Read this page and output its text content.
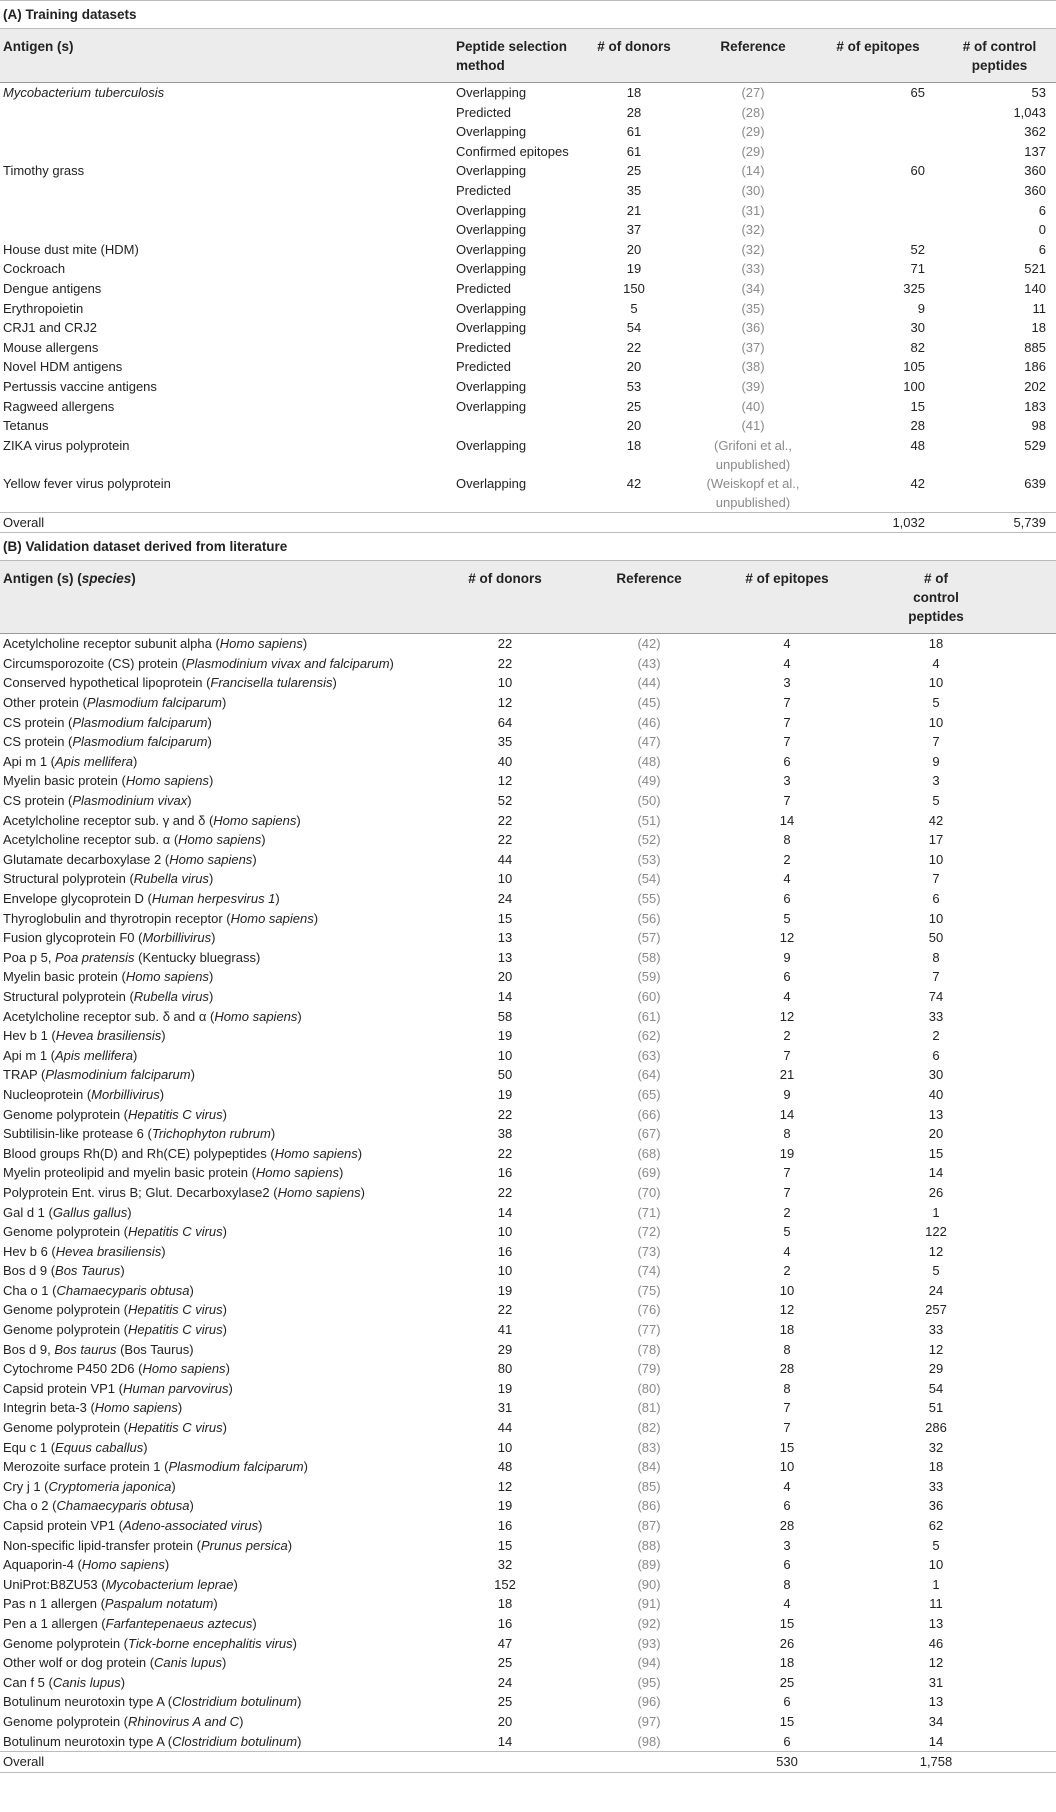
(A) Training datasets
Antigen (s)	Peptide selection method	# of donors	Reference	# of epitopes	# of control peptides
Mycobacterium tuberculosis	Overlapping	18	(27)	65	53
	Predicted	28	(28)		1,043
	Overlapping	61	(29)		362
	Confirmed epitopes	61	(29)		137
Timothy grass	Overlapping	25	(14)	60	360
	Predicted	35	(30)		360
	Overlapping	21	(31)		6
	Overlapping	37	(32)		0
House dust mite (HDM)	Overlapping	20	(32)	52	6
Cockroach	Overlapping	19	(33)	71	521
Dengue antigens	Predicted	150	(34)	325	140
Erythropoietin	Overlapping	5	(35)	9	11
CRJ1 and CRJ2	Overlapping	54	(36)	30	18
Mouse allergens	Predicted	22	(37)	82	885
Novel HDM antigens	Predicted	20	(38)	105	186
Pertussis vaccine antigens	Overlapping	53	(39)	100	202
Ragweed allergens	Overlapping	25	(40)	15	183
Tetanus		20	(41)	28	98
ZIKA virus polyprotein	Overlapping	18	(Grifoni et al., unpublished)	48	529
Yellow fever virus polyprotein	Overlapping	42	(Weiskopf et al., unpublished)	42	639
Overall				1,032	5,739
(B) Validation dataset derived from literature
Antigen (s) (species)	# of donors	Reference	# of epitopes	# of control peptides
Acetylcholine receptor subunit alpha (Homo sapiens)	22	(42)	4	18
Circumsporozoite (CS) protein (Plasmodinium vivax and falciparum)	22	(43)	4	4
Conserved hypothetical lipoprotein (Francisella tularensis)	10	(44)	3	10
Other protein (Plasmodium falciparum)	12	(45)	7	5
CS protein (Plasmodium falciparum)	64	(46)	7	10
CS protein (Plasmodium falciparum)	35	(47)	7	7
Api m 1 (Apis mellifera)	40	(48)	6	9
Myelin basic protein (Homo sapiens)	12	(49)	3	3
CS protein (Plasmodinium vivax)	52	(50)	7	5
Acetylcholine receptor sub. γ and δ (Homo sapiens)	22	(51)	14	42
Acetylcholine receptor sub. α (Homo sapiens)	22	(52)	8	17
Glutamate decarboxylase 2 (Homo sapiens)	44	(53)	2	10
Structural polyprotein (Rubella virus)	10	(54)	4	7
Envelope glycoprotein D (Human herpesvirus 1)	24	(55)	6	6
Thyroglobulin and thyrotropin receptor (Homo sapiens)	15	(56)	5	10
Fusion glycoprotein F0 (Morbillivirus)	13	(57)	12	50
Poa p 5, Poa pratensis (Kentucky bluegrass)	13	(58)	9	8
Myelin basic protein (Homo sapiens)	20	(59)	6	7
Structural polyprotein (Rubella virus)	14	(60)	4	74
Acetylcholine receptor sub. δ and α (Homo sapiens)	58	(61)	12	33
Hev b 1 (Hevea brasiliensis)	19	(62)	2	2
Api m 1 (Apis mellifera)	10	(63)	7	6
TRAP (Plasmodinium falciparum)	50	(64)	21	30
Nucleoprotein (Morbillivirus)	19	(65)	9	40
Genome polyprotein (Hepatitis C virus)	22	(66)	14	13
Subtilisin-like protease 6 (Trichophyton rubrum)	38	(67)	8	20
Blood groups Rh(D) and Rh(CE) polypeptides (Homo sapiens)	22	(68)	19	15
Myelin proteolipid and myelin basic protein (Homo sapiens)	16	(69)	7	14
Polyprotein Ent. virus B; Glut. Decarboxylase2 (Homo sapiens)	22	(70)	7	26
Gal d 1 (Gallus gallus)	14	(71)	2	1
Genome polyprotein (Hepatitis C virus)	10	(72)	5	122
Hev b 6 (Hevea brasiliensis)	16	(73)	4	12
Bos d 9 (Bos Taurus)	10	(74)	2	5
Cha o 1 (Chamaecyparis obtusa)	19	(75)	10	24
Genome polyprotein (Hepatitis C virus)	22	(76)	12	257
Genome polyprotein (Hepatitis C virus)	41	(77)	18	33
Bos d 9, Bos taurus (Bos Taurus)	29	(78)	8	12
Cytochrome P450 2D6 (Homo sapiens)	80	(79)	28	29
Capsid protein VP1 (Human parvovirus)	19	(80)	8	54
Integrin beta-3 (Homo sapiens)	31	(81)	7	51
Genome polyprotein (Hepatitis C virus)	44	(82)	7	286
Equ c 1 (Equus caballus)	10	(83)	15	32
Merozoite surface protein 1 (Plasmodium falciparum)	48	(84)	10	18
Cry j 1 (Cryptomeria japonica)	12	(85)	4	33
Cha o 2 (Chamaecyparis obtusa)	19	(86)	6	36
Capsid protein VP1 (Adeno-associated virus)	16	(87)	28	62
Non-specific lipid-transfer protein (Prunus persica)	15	(88)	3	5
Aquaporin-4 (Homo sapiens)	32	(89)	6	10
UniProt:B8ZU53 (Mycobacterium leprae)	152	(90)	8	1
Pas n 1 allergen (Paspalum notatum)	18	(91)	4	11
Pen a 1 allergen (Farfantepenaeus aztecus)	16	(92)	15	13
Genome polyprotein (Tick-borne encephalitis virus)	47	(93)	26	46
Other wolf or dog protein (Canis lupus)	25	(94)	18	12
Can f 5 (Canis lupus)	24	(95)	25	31
Botulinum neurotoxin type A (Clostridium botulinum)	25	(96)	6	13
Genome polyprotein (Rhinovirus A and C)	20	(97)	15	34
Botulinum neurotoxin type A (Clostridium botulinum)	14	(98)	6	14
Overall			530	1,758
